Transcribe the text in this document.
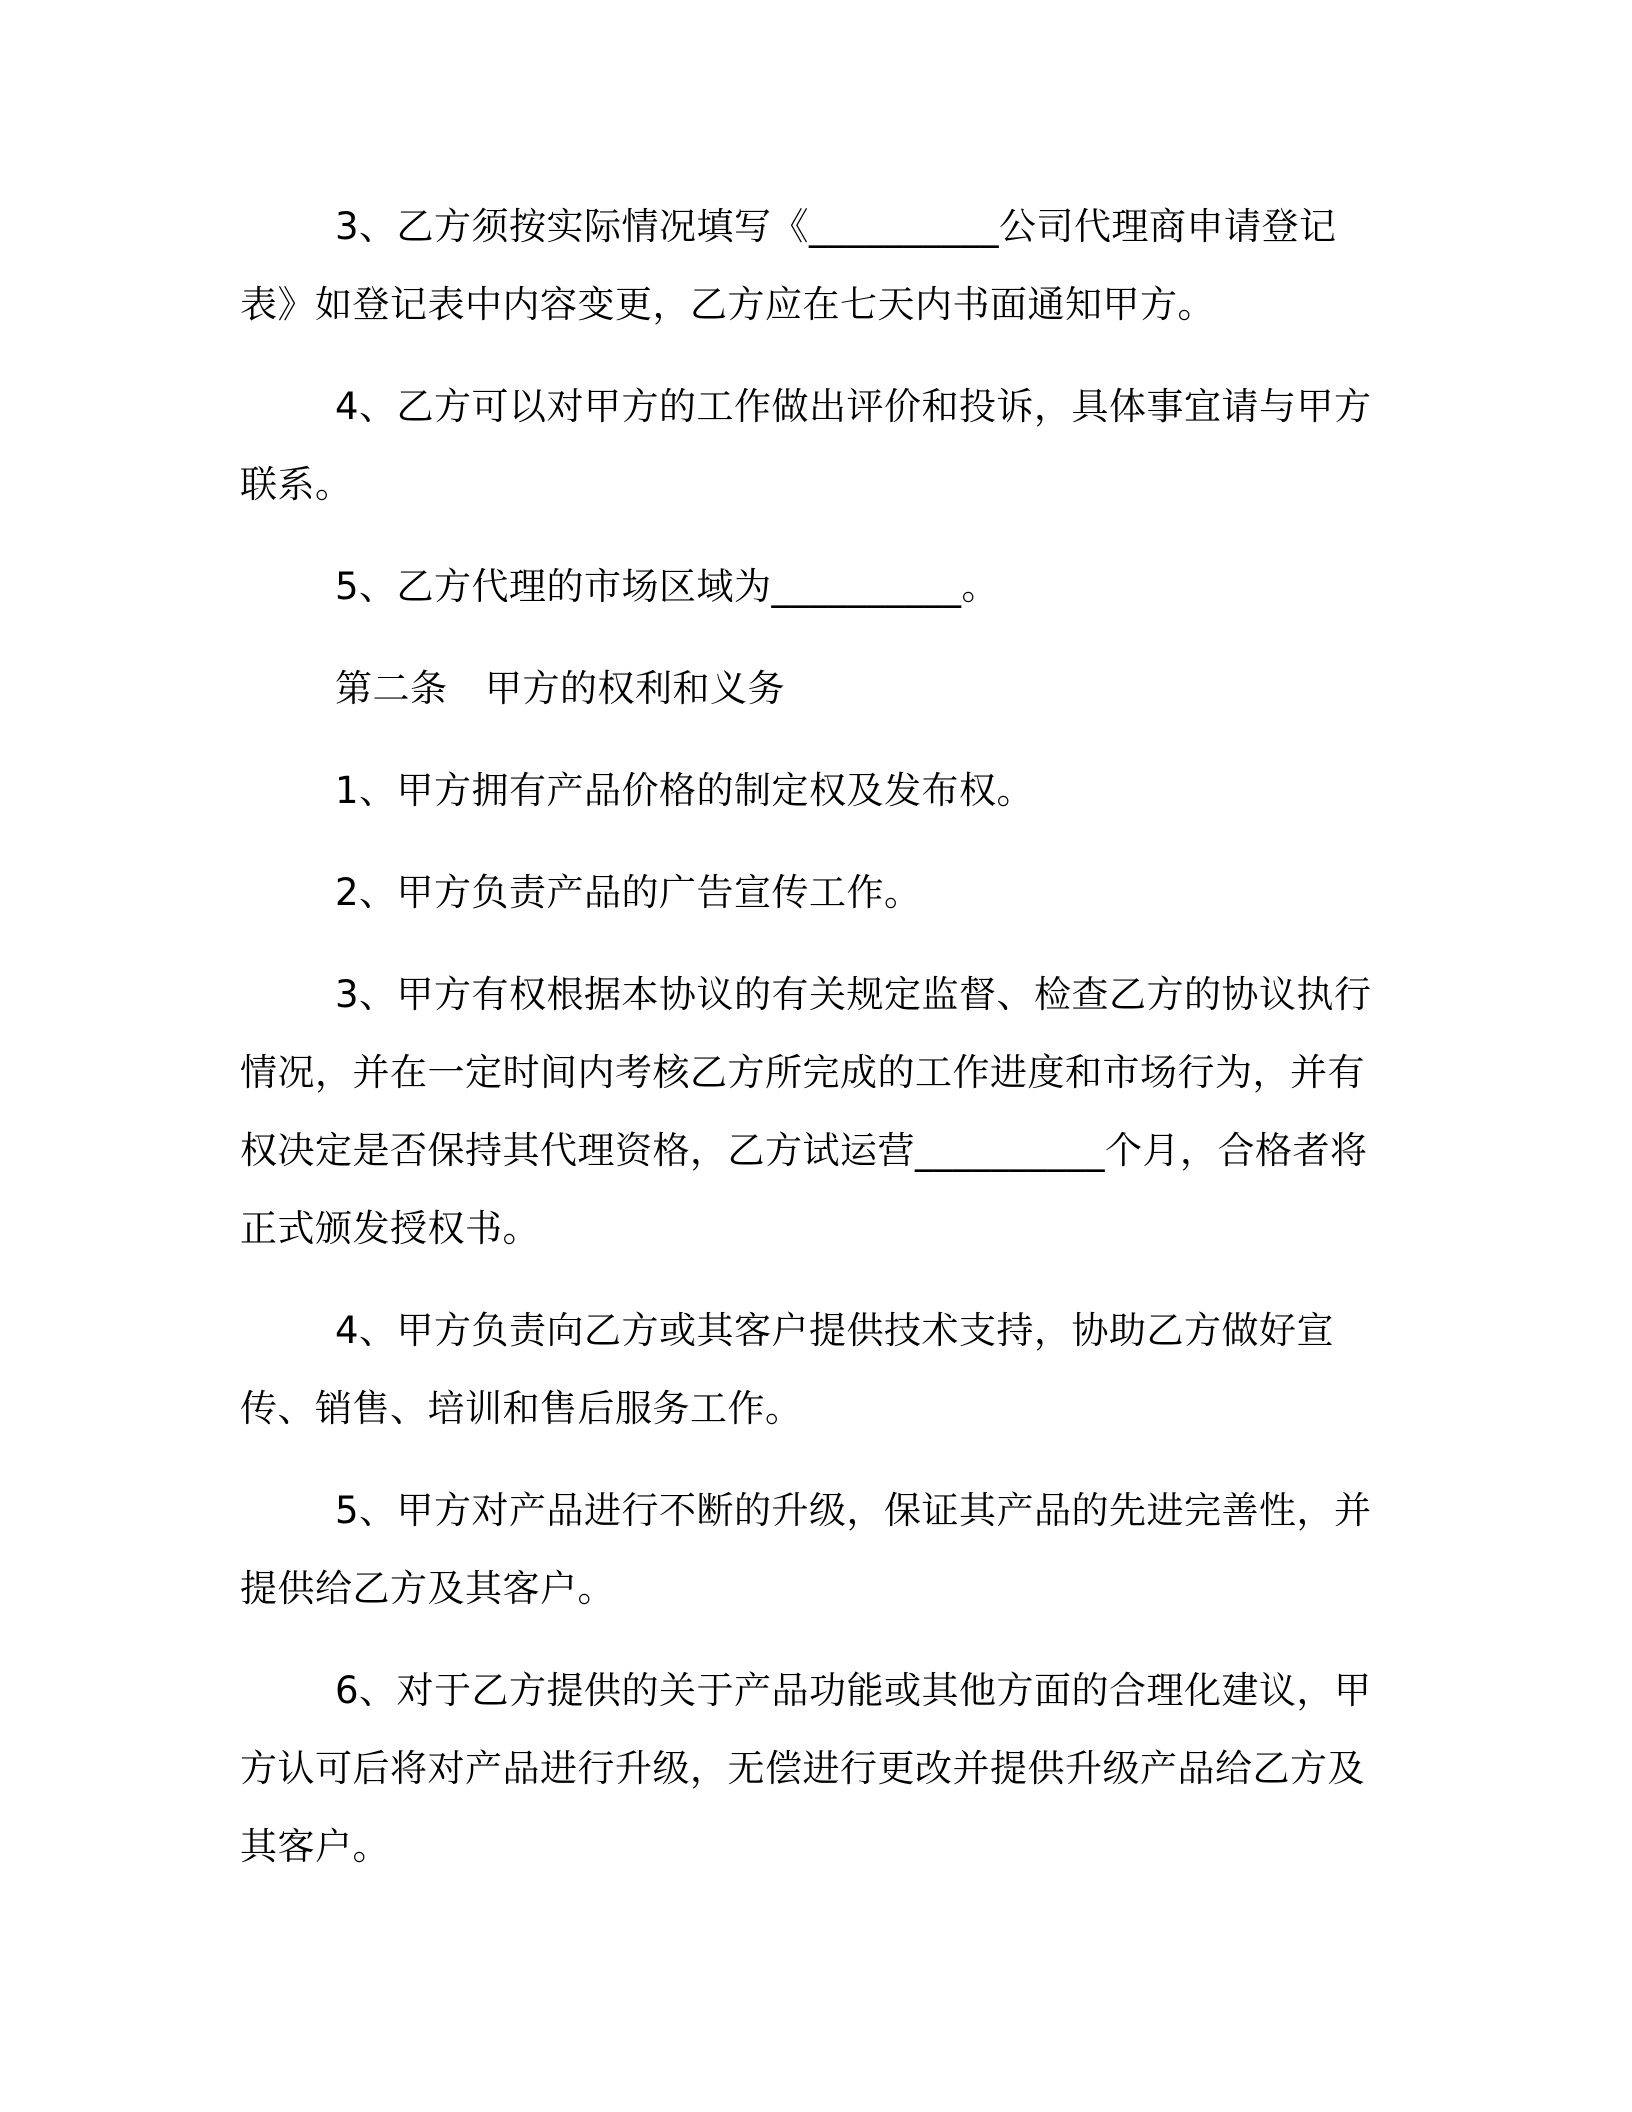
3、乙方须按实际情况填写《__________公司代理商申请登记表》如登记表中内容变更，乙方应在七天内书面通知甲方。

4、乙方可以对甲方的工作做出评价和投诉，具体事宜请与甲方联系。

5、乙方代理的市场区域为__________。

第二条　甲方的权利和义务

1、甲方拥有产品价格的制定权及发布权。

2、甲方负责产品的广告宣传工作。

3、甲方有权根据本协议的有关规定监督、检查乙方的协议执行情况，并在一定时间内考核乙方所完成的工作进度和市场行为，并有权决定是否保持其代理资格，乙方试运营__________个月，合格者将正式颁发授权书。

4、甲方负责向乙方或其客户提供技术支持，协助乙方做好宣传、销售、培训和售后服务工作。

5、甲方对产品进行不断的升级，保证其产品的先进完善性，并提供给乙方及其客户。

6、对于乙方提供的关于产品功能或其他方面的合理化建议，甲方认可后将对产品进行升级，无偿进行更改并提供升级产品给乙方及其客户。
